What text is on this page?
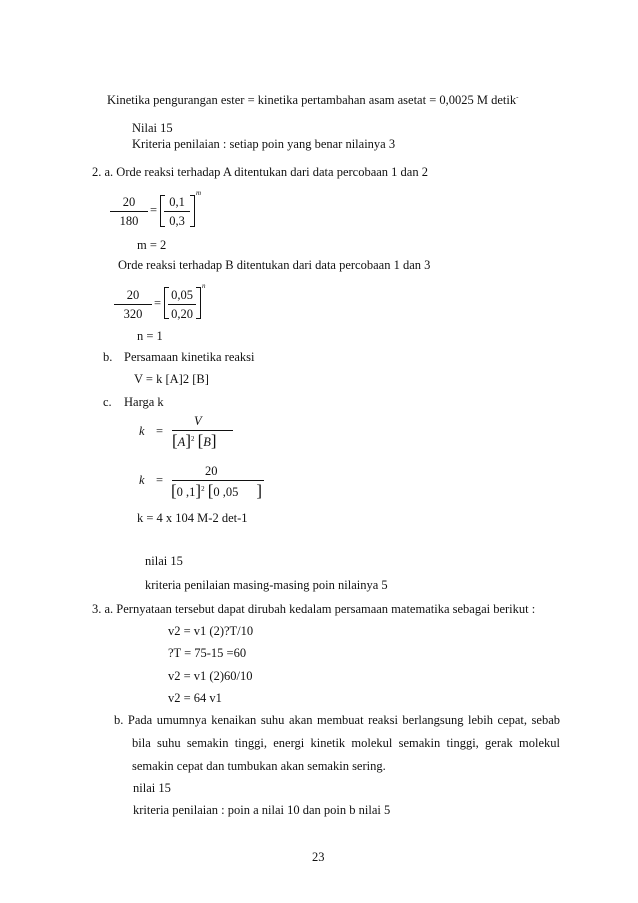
Kinetika pengurangan ester = kinetika pertambahan asam asetat = 0,0025 M detik-
Nilai 15
Kriteria penilaian : setiap poin yang benar nilainya 3
2. a. Orde reaksi terhadap A ditentukan dari data percobaan 1 dan 2
20
180
=
0,1
0,3
m
m = 2
Orde reaksi terhadap B ditentukan dari data percobaan 1 dan 3
20
320
=
0,05
0,20
n
n = 1
b. Persamaan kinetika reaksi
V = k [A]2 [B]
c. Harga k
k =
V
$[A]^2$ [B]
k =
20
[0 ,1]$^2$ [0 ,05 ]
k = 4 x 104 M-2 det-1
nilai 15
kriteria penilaian masing-masing poin nilainya 5
3. a. Pernyataan tersebut dapat dirubah kedalam persamaan matematika sebagai berikut :
v2 = v1 (2)?T/10
?T = 75-15 =60
v2 = v1 (2)60/10
v2 = 64 v1
b. Pada umumnya kenaikan suhu akan membuat reaksi berlangsung lebih cepat, sebab
bila suhu semakin tinggi, energi kinetik molekul semakin tinggi, gerak molekul
semakin cepat dan tumbukan akan semakin sering.
nilai 15
kriteria penilaian : poin a nilai 10 dan poin b nilai 5
23
